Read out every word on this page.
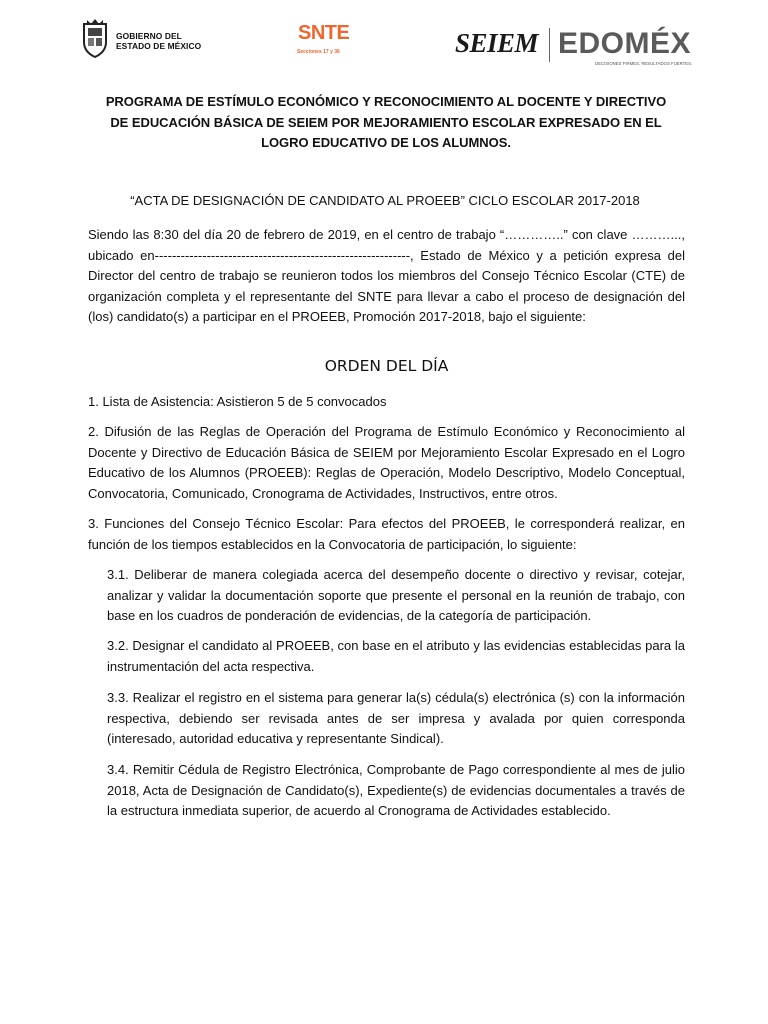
GOBIERNO DEL
ESTADO DE MÉXICO
SNTE
Secciones 17 y 36	SEIEM EDOMÉX
DECISIONES FIRMES, RESULTADOS FUERTES.
PROGRAMA DE ESTÍMULO ECONÓMICO Y RECONOCIMIENTO AL DOCENTE Y DIRECTIVO DE EDUCACIÓN BÁSICA DE SEIEM POR MEJORAMIENTO ESCOLAR EXPRESADO EN EL LOGRO EDUCATIVO DE LOS ALUMNOS.
“ACTA DE DESIGNACIÓN DE CANDIDATO AL PROEEB” CICLO ESCOLAR 2017-2018
Siendo las 8:30 del día 20 de febrero de 2019, en el centro de trabajo “…………..” con clave ………..., ubicado en-----------------------------------------------------------, Estado de México y a petición expresa del Director del centro de trabajo se reunieron todos los miembros del Consejo Técnico Escolar (CTE) de organización completa y el representante del SNTE para llevar a cabo el proceso de designación del (los) candidato(s) a participar en el PROEEB, Promoción 2017-2018, bajo el siguiente:
ORDEN DEL DÍA
1. Lista de Asistencia: Asistieron 5 de 5 convocados
2. Difusión de las Reglas de Operación del Programa de Estímulo Económico y Reconocimiento al Docente y Directivo de Educación Básica de SEIEM por Mejoramiento Escolar Expresado en el Logro Educativo de los Alumnos (PROEEB): Reglas de Operación, Modelo Descriptivo, Modelo Conceptual, Convocatoria, Comunicado, Cronograma de Actividades, Instructivos, entre otros.
3. Funciones del Consejo Técnico Escolar: Para efectos del PROEEB, le corresponderá realizar, en función de los tiempos establecidos en la Convocatoria de participación, lo siguiente:
3.1. Deliberar de manera colegiada acerca del desempeño docente o directivo y revisar, cotejar, analizar y validar la documentación soporte que presente el personal en la reunión de trabajo, con base en los cuadros de ponderación de evidencias, de la categoría de participación.
3.2. Designar el candidato al PROEEB, con base en el atributo y las evidencias establecidas para la instrumentación del acta respectiva.
3.3. Realizar el registro en el sistema para generar la(s) cédula(s) electrónica (s) con la información respectiva, debiendo ser revisada antes de ser impresa y avalada por quien corresponda (interesado, autoridad educativa y representante Sindical).
3.4. Remitir Cédula de Registro Electrónica, Comprobante de Pago correspondiente al mes de julio 2018, Acta de Designación de Candidato(s), Expediente(s) de evidencias documentales a través de la estructura inmediata superior, de acuerdo al Cronograma de Actividades establecido.
